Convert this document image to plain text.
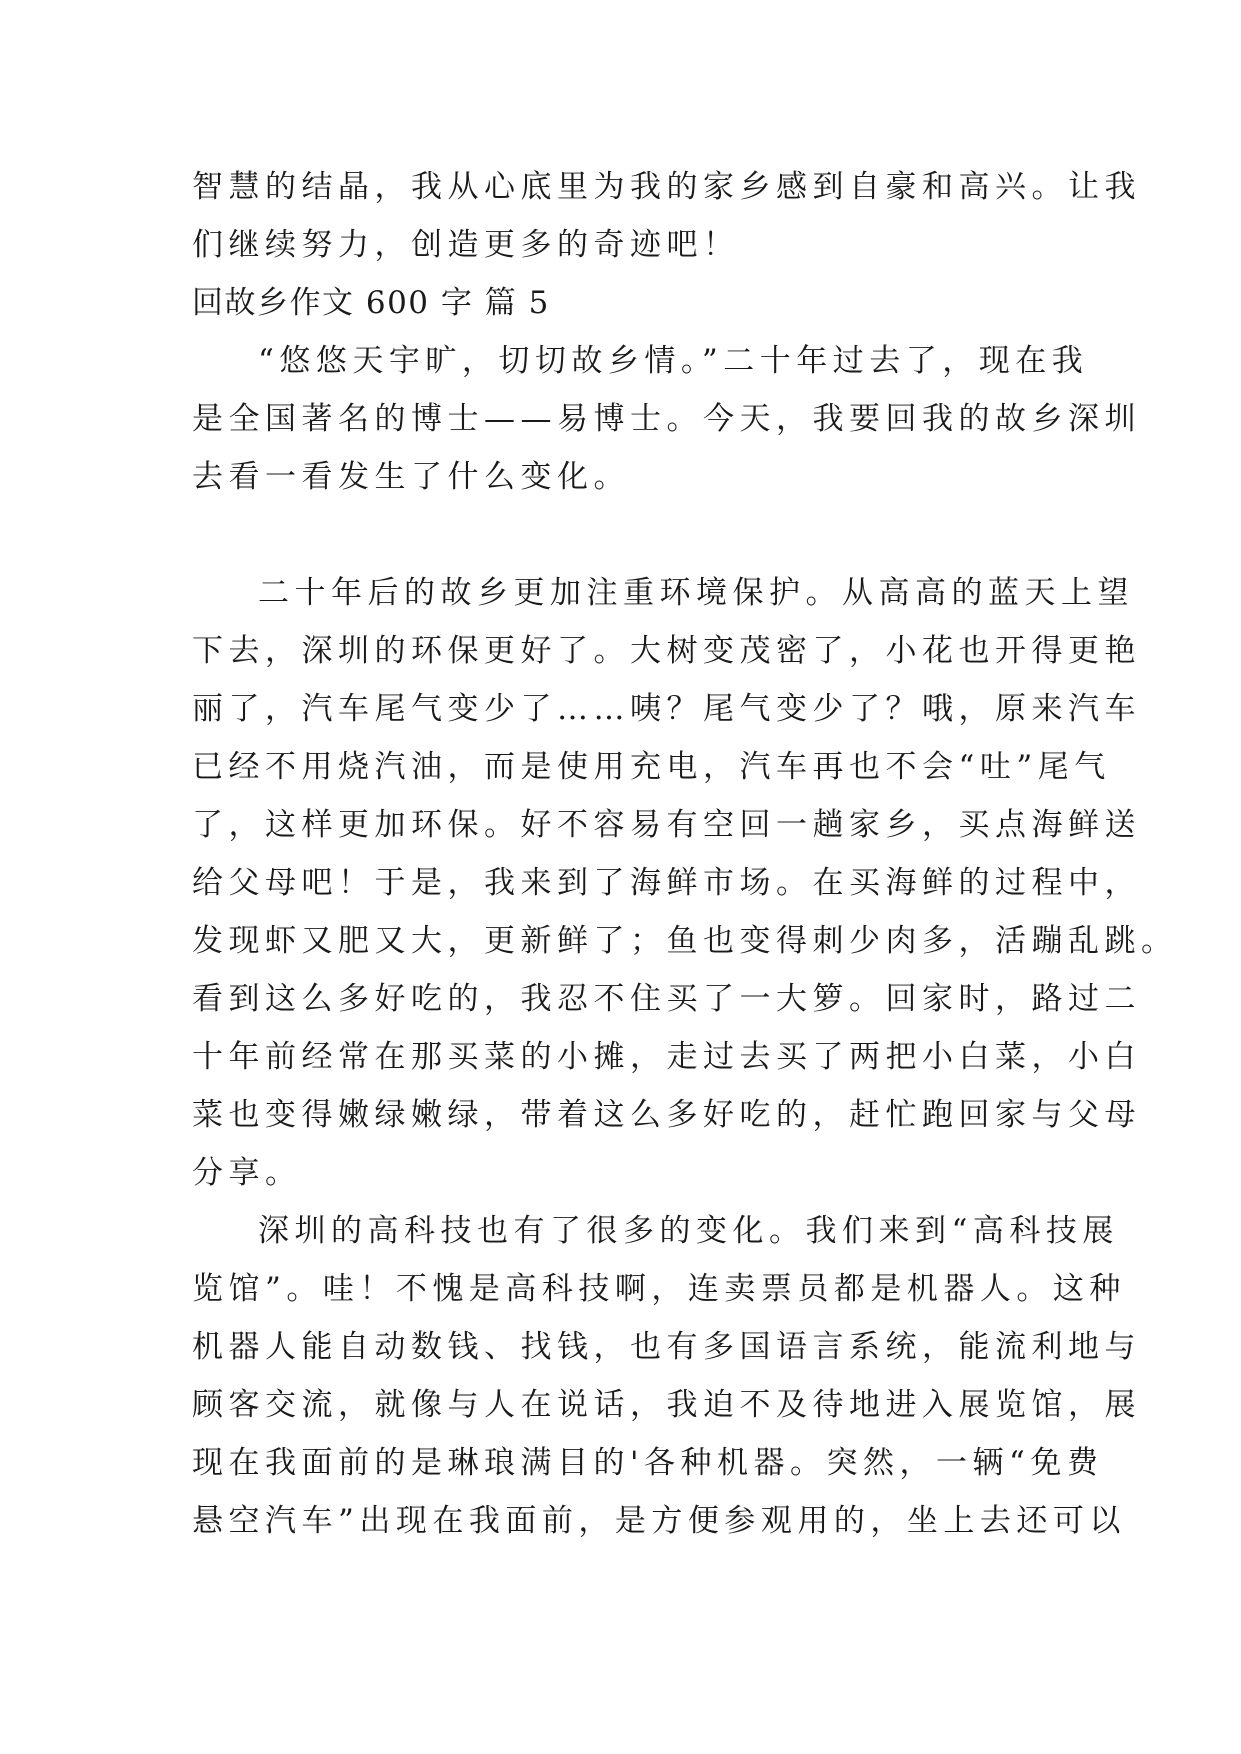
智慧的结晶，我从心底里为我的家乡感到自豪和高兴。让我
们继续努力，创造更多的奇迹吧！
回故乡作文 600 字 篇 5
“悠悠天宇旷，切切故乡情。”二十年过去了，现在我
是全国著名的博士——易博士。今天，我要回我的故乡深圳
去看一看发生了什么变化。
二十年后的故乡更加注重环境保护。从高高的蓝天上望
下去，深圳的环保更好了。大树变茂密了，小花也开得更艳
丽了，汽车尾气变少了……咦？尾气变少了？哦，原来汽车
已经不用烧汽油，而是使用充电，汽车再也不会“吐”尾气
了，这样更加环保。好不容易有空回一趟家乡，买点海鲜送
给父母吧！于是，我来到了海鲜市场。在买海鲜的过程中，
发现虾又肥又大，更新鲜了；鱼也变得刺少肉多，活蹦乱跳。
看到这么多好吃的，我忍不住买了一大箩。回家时，路过二
十年前经常在那买菜的小摊，走过去买了两把小白菜，小白
菜也变得嫩绿嫩绿，带着这么多好吃的，赶忙跑回家与父母
分享。
深圳的高科技也有了很多的变化。我们来到“高科技展
览馆”。哇！不愧是高科技啊，连卖票员都是机器人。这种
机器人能自动数钱、找钱，也有多国语言系统，能流利地与
顾客交流，就像与人在说话，我迫不及待地进入展览馆，展
现在我面前的是琳琅满目的'各种机器。突然，一辆“免费
悬空汽车”出现在我面前，是方便参观用的，坐上去还可以
